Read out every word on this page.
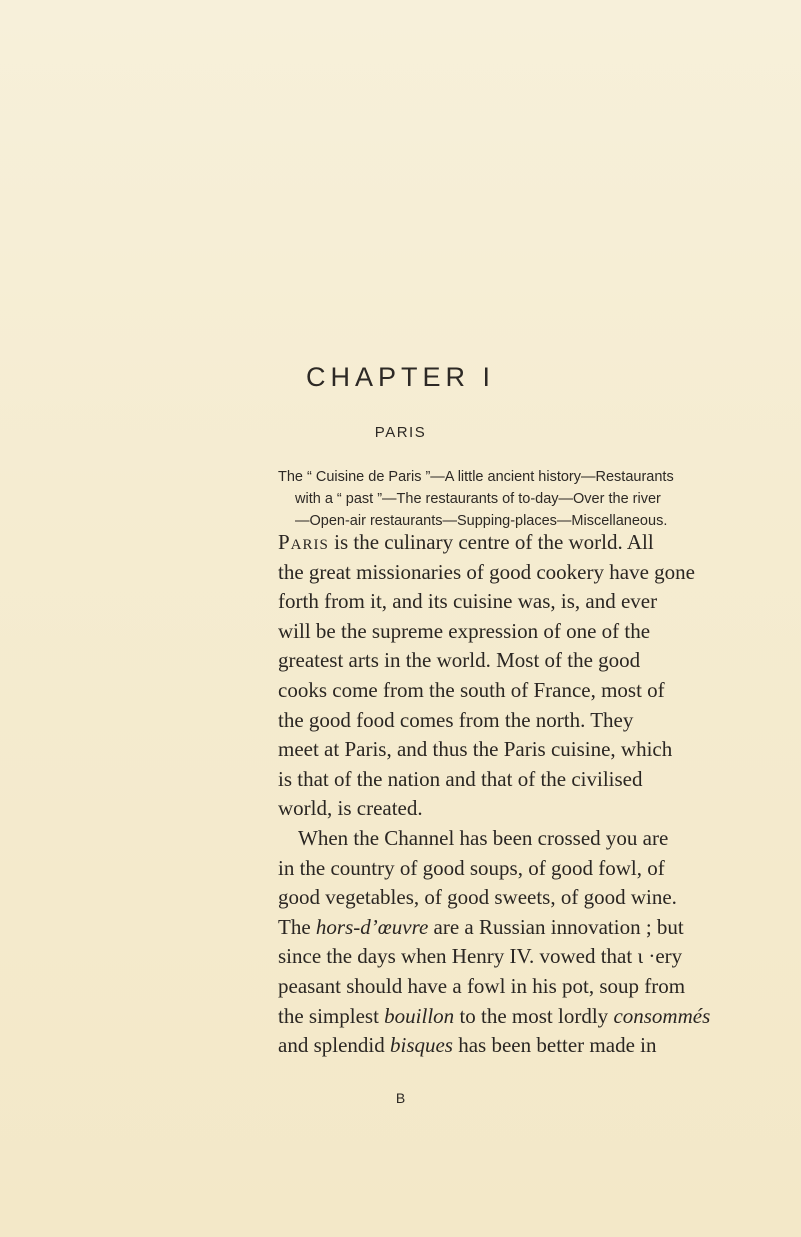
CHAPTER I
PARIS
The “ Cuisine de Paris ”—A little ancient history—Restaurants
with a “ past ”—The restaurants of to-day—Over the river
—Open-air restaurants—Supping-places—Miscellaneous.
Paris is the culinary centre of the world. All
the great missionaries of good cookery have gone
forth from it, and its cuisine was, is, and ever
will be the supreme expression of one of the
greatest arts in the world. Most of the good
cooks come from the south of France, most of
the good food comes from the north. They
meet at Paris, and thus the Paris cuisine, which
is that of the nation and that of the civilised
world, is created.
When the Channel has been crossed you are
in the country of good soups, of good fowl, of
good vegetables, of good sweets, of good wine.
The hors-d’œuvre are a Russian innovation ; but
since the days when Henry IV. vowed that ɩ ·ery
peasant should have a fowl in his pot, soup from
the simplest bouillon to the most lordly consommés
and splendid bisques has been better made in
B
